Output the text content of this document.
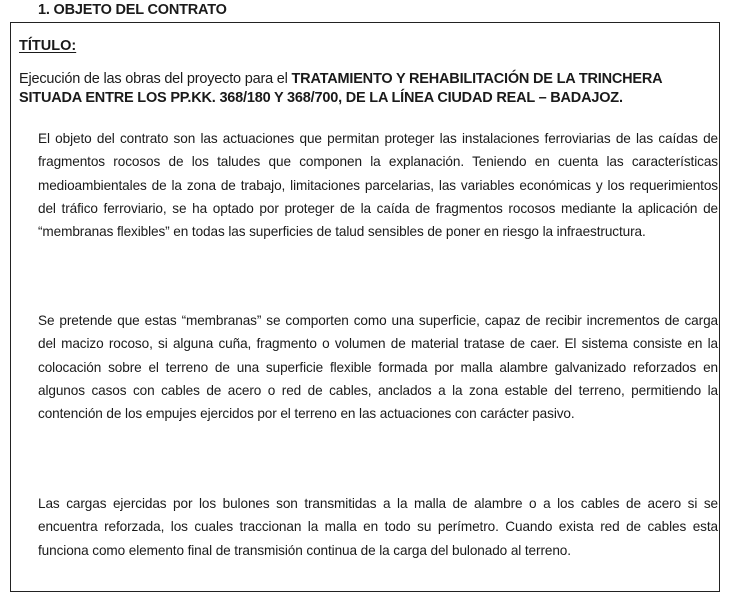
1. OBJETO DEL CONTRATO
TÍTULO:
Ejecución de las obras del proyecto para el TRATAMIENTO Y REHABILITACIÓN DE LA TRINCHERA SITUADA ENTRE LOS PP.KK. 368/180 Y 368/700, DE LA LÍNEA CIUDAD REAL – BADAJOZ.

El objeto del contrato son las actuaciones que permitan proteger las instalaciones ferroviarias de las caídas de fragmentos rocosos de los taludes que componen la explanación. Teniendo en cuenta las características medioambientales de la zona de trabajo, limitaciones parcelarias, las variables económicas y los requerimientos del tráfico ferroviario, se ha optado por proteger de la caída de fragmentos rocosos mediante la aplicación de “membranas flexibles” en todas las superficies de talud sensibles de poner en riesgo la infraestructura.

Se pretende que estas “membranas” se comporten como una superficie, capaz de recibir incrementos de carga del macizo rocoso, si alguna cuña, fragmento o volumen de material tratase de caer. El sistema consiste en la colocación sobre el terreno de una superficie flexible formada por malla alambre galvanizado reforzados en algunos casos con cables de acero o red de cables, anclados a la zona estable del terreno, permitiendo la contención de los empujes ejercidos por el terreno en las actuaciones con carácter pasivo.

Las cargas ejercidas por los bulones son transmitidas a la malla de alambre o a los cables de acero si se encuentra reforzada, los cuales traccionan la malla en todo su perímetro. Cuando exista red de cables esta funciona como elemento final de transmisión continua de la carga del bulonado al terreno.
